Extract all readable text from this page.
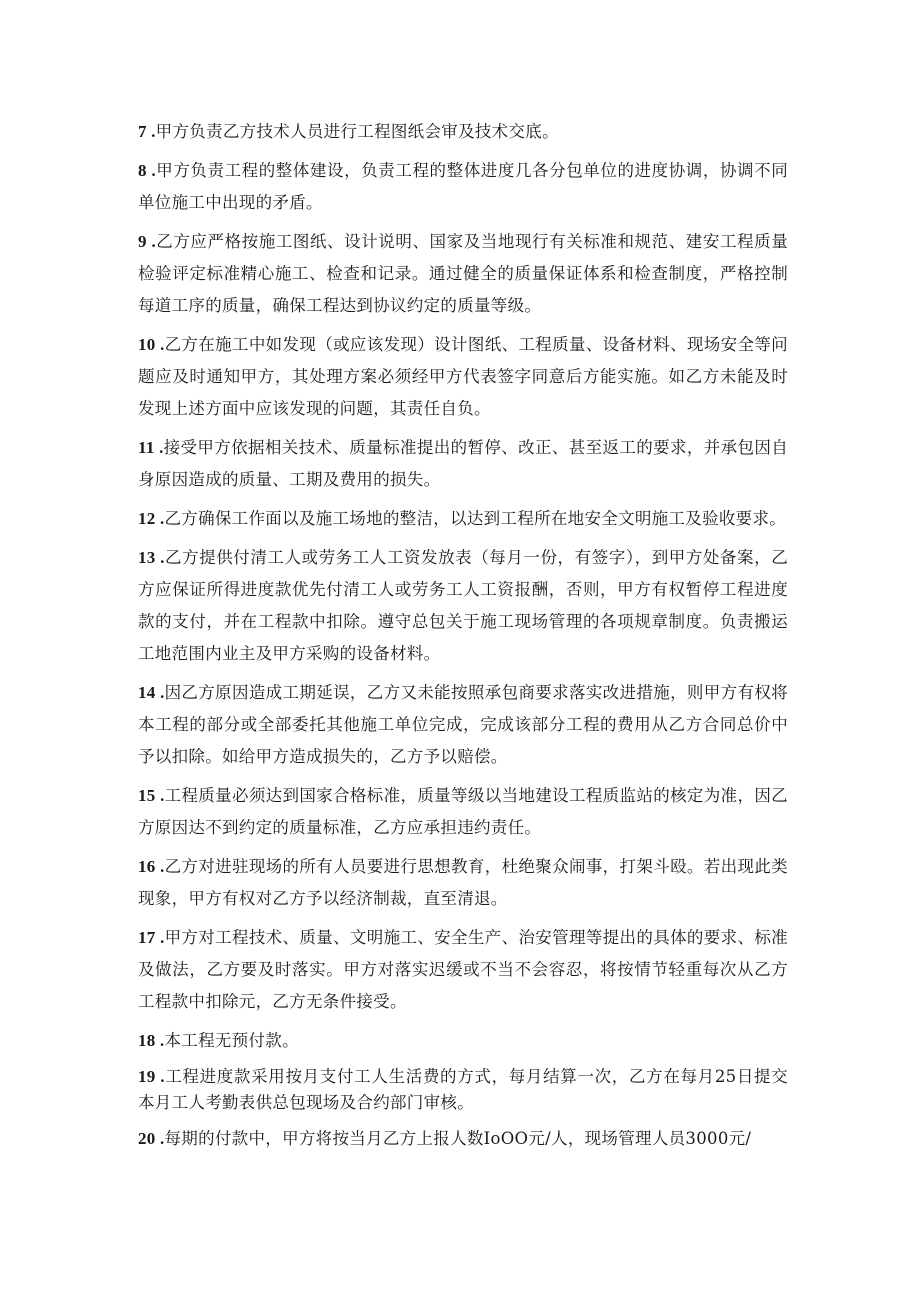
7 .甲方负责乙方技术人员进行工程图纸会审及技术交底。
8 .甲方负责工程的整体建设，负责工程的整体进度几各分包单位的进度协调，协调不同单位施工中出现的矛盾。
9 .乙方应严格按施工图纸、设计说明、国家及当地现行有关标准和规范、建安工程质量检验评定标准精心施工、检查和记录。通过健全的质量保证体系和检查制度，严格控制每道工序的质量，确保工程达到协议约定的质量等级。
10 .乙方在施工中如发现（或应该发现）设计图纸、工程质量、设备材料、现场安全等问题应及时通知甲方，其处理方案必须经甲方代表签字同意后方能实施。如乙方未能及时发现上述方面中应该发现的问题，其责任自负。
11 .接受甲方依据相关技术、质量标准提出的暂停、改正、甚至返工的要求，并承包因自身原因造成的质量、工期及费用的损失。
12 .乙方确保工作面以及施工场地的整洁，以达到工程所在地安全文明施工及验收要求。
13 .乙方提供付清工人或劳务工人工资发放表（每月一份，有签字），到甲方处备案，乙方应保证所得进度款优先付清工人或劳务工人工资报酬，否则，甲方有权暂停工程进度款的支付，并在工程款中扣除。遵守总包关于施工现场管理的各项规章制度。负责搬运工地范围内业主及甲方采购的设备材料。
14 .因乙方原因造成工期延误，乙方又未能按照承包商要求落实改进措施，则甲方有权将本工程的部分或全部委托其他施工单位完成，完成该部分工程的费用从乙方合同总价中予以扣除。如给甲方造成损失的，乙方予以赔偿。
15 .工程质量必须达到国家合格标准，质量等级以当地建设工程质监站的核定为准，因乙方原因达不到约定的质量标准，乙方应承担违约责任。
16 .乙方对进驻现场的所有人员要进行思想教育，杜绝聚众闹事，打架斗殴。若出现此类现象，甲方有权对乙方予以经济制裁，直至清退。
17 .甲方对工程技术、质量、文明施工、安全生产、治安管理等提出的具体的要求、标准及做法，乙方要及时落实。甲方对落实迟缓或不当不会容忍，将按情节轻重每次从乙方工程款中扣除元，乙方无条件接受。
18 .本工程无预付款。
19 .工程进度款采用按月支付工人生活费的方式，每月结算一次，乙方在每月25日提交本月工人考勤表供总包现场及合约部门审核。
20 .每期的付款中，甲方将按当月乙方上报人数IoOO元/人，现场管理人员3000元/
